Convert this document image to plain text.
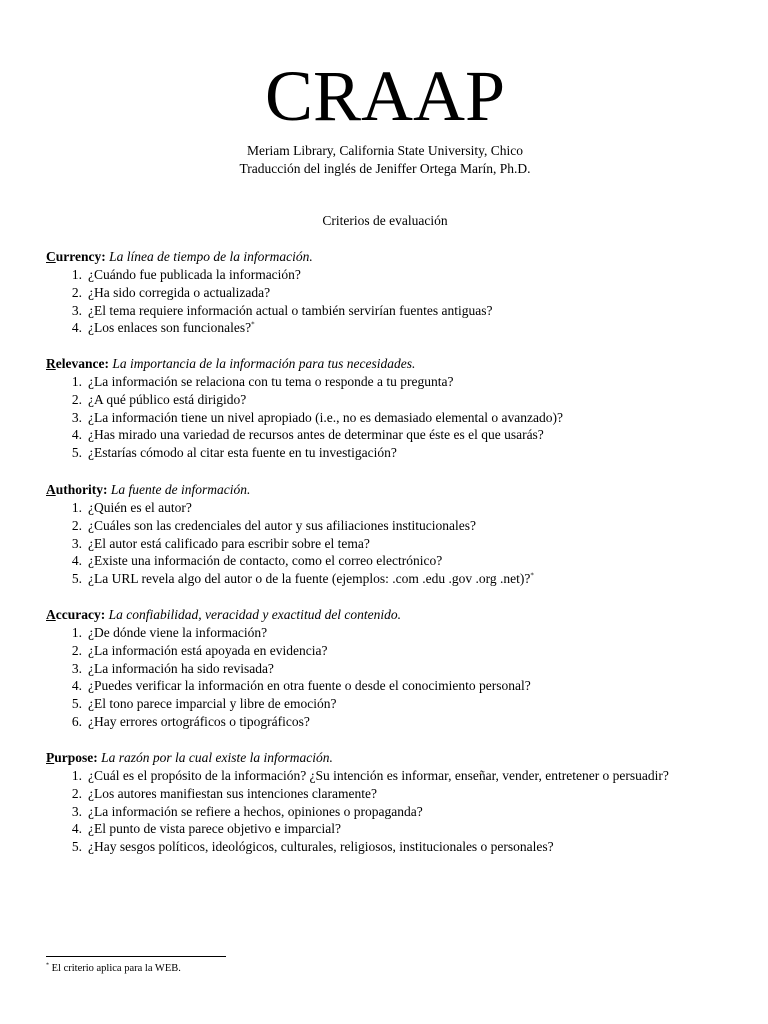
CRAAP
Meriam Library, California State University, Chico
Traducción del inglés de Jeniffer Ortega Marín, Ph.D.
Criterios de evaluación
Currency: La línea de tiempo de la información.
1. ¿Cuándo fue publicada la información?
2. ¿Ha sido corregida o actualizada?
3. ¿El tema requiere información actual o también servirían fuentes antiguas?
4. ¿Los enlaces son funcionales?*
Relevance: La importancia de la información para tus necesidades.
1. ¿La información se relaciona con tu tema o responde a tu pregunta?
2. ¿A qué público está dirigido?
3. ¿La información tiene un nivel apropiado (i.e., no es demasiado elemental o avanzado)?
4. ¿Has mirado una variedad de recursos antes de determinar que éste es el que usarás?
5. ¿Estarías cómodo al citar esta fuente en tu investigación?
Authority: La fuente de información.
1. ¿Quién es el autor?
2. ¿Cuáles son las credenciales del autor y sus afiliaciones institucionales?
3. ¿El autor está calificado para escribir sobre el tema?
4. ¿Existe una información de contacto, como el correo electrónico?
5. ¿La URL revela algo del autor o de la fuente (ejemplos: .com .edu .gov .org .net)?*
Accuracy: La confiabilidad, veracidad y exactitud del contenido.
1. ¿De dónde viene la información?
2. ¿La información está apoyada en evidencia?
3. ¿La información ha sido revisada?
4. ¿Puedes verificar la información en otra fuente o desde el conocimiento personal?
5. ¿El tono parece imparcial y libre de emoción?
6. ¿Hay errores ortográficos o tipográficos?
Purpose: La razón por la cual existe la información.
1. ¿Cuál es el propósito de la información? ¿Su intención es informar, enseñar, vender, entretener o persuadir?
2. ¿Los autores manifiestan sus intenciones claramente?
3. ¿La información se refiere a hechos, opiniones o propaganda?
4. ¿El punto de vista parece objetivo e imparcial?
5. ¿Hay sesgos políticos, ideológicos, culturales, religiosos, institucionales o personales?
* El criterio aplica para la WEB.
